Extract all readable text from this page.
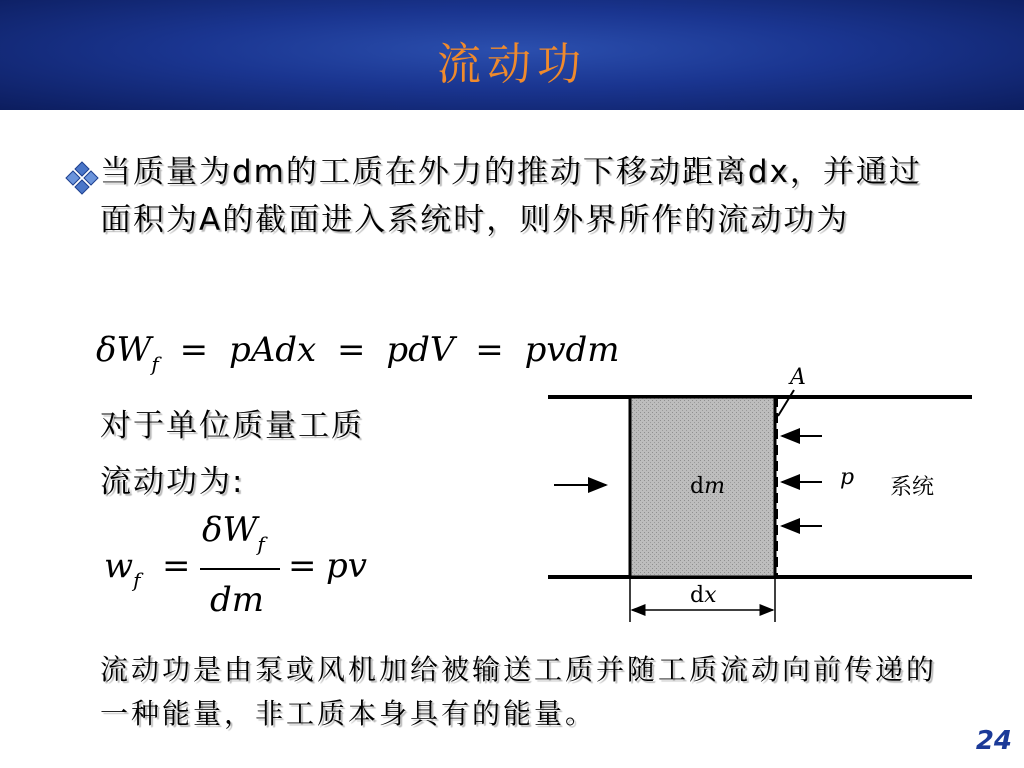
流动功
当质量为dm的工质在外力的推动下移动距离dx，并通过面积为A的截面进入系统时，则外界所作的流动功为
$\delta W_f$ = pAdx = pdV = pvdm
对于单位质量工质
流动功为:
$w_f$ =
$\delta W_f$
dm
= pv
A
dm	p 系统
dx
流动功是由泵或风机加给被输送工质并随工质流动向前传递的一种能量，非工质本身具有的能量。
24
